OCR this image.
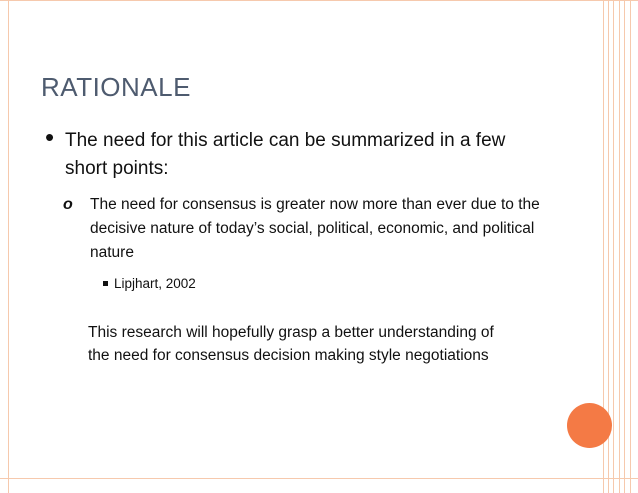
RATIONALE
• The need for this article can be summarized in a few short points:
o The need for consensus is greater now more than ever due to the decisive nature of today’s social, political, economic, and political nature
Lipjhart, 2002
This research will hopefully grasp a better understanding of the need for consensus decision making style negotiations
